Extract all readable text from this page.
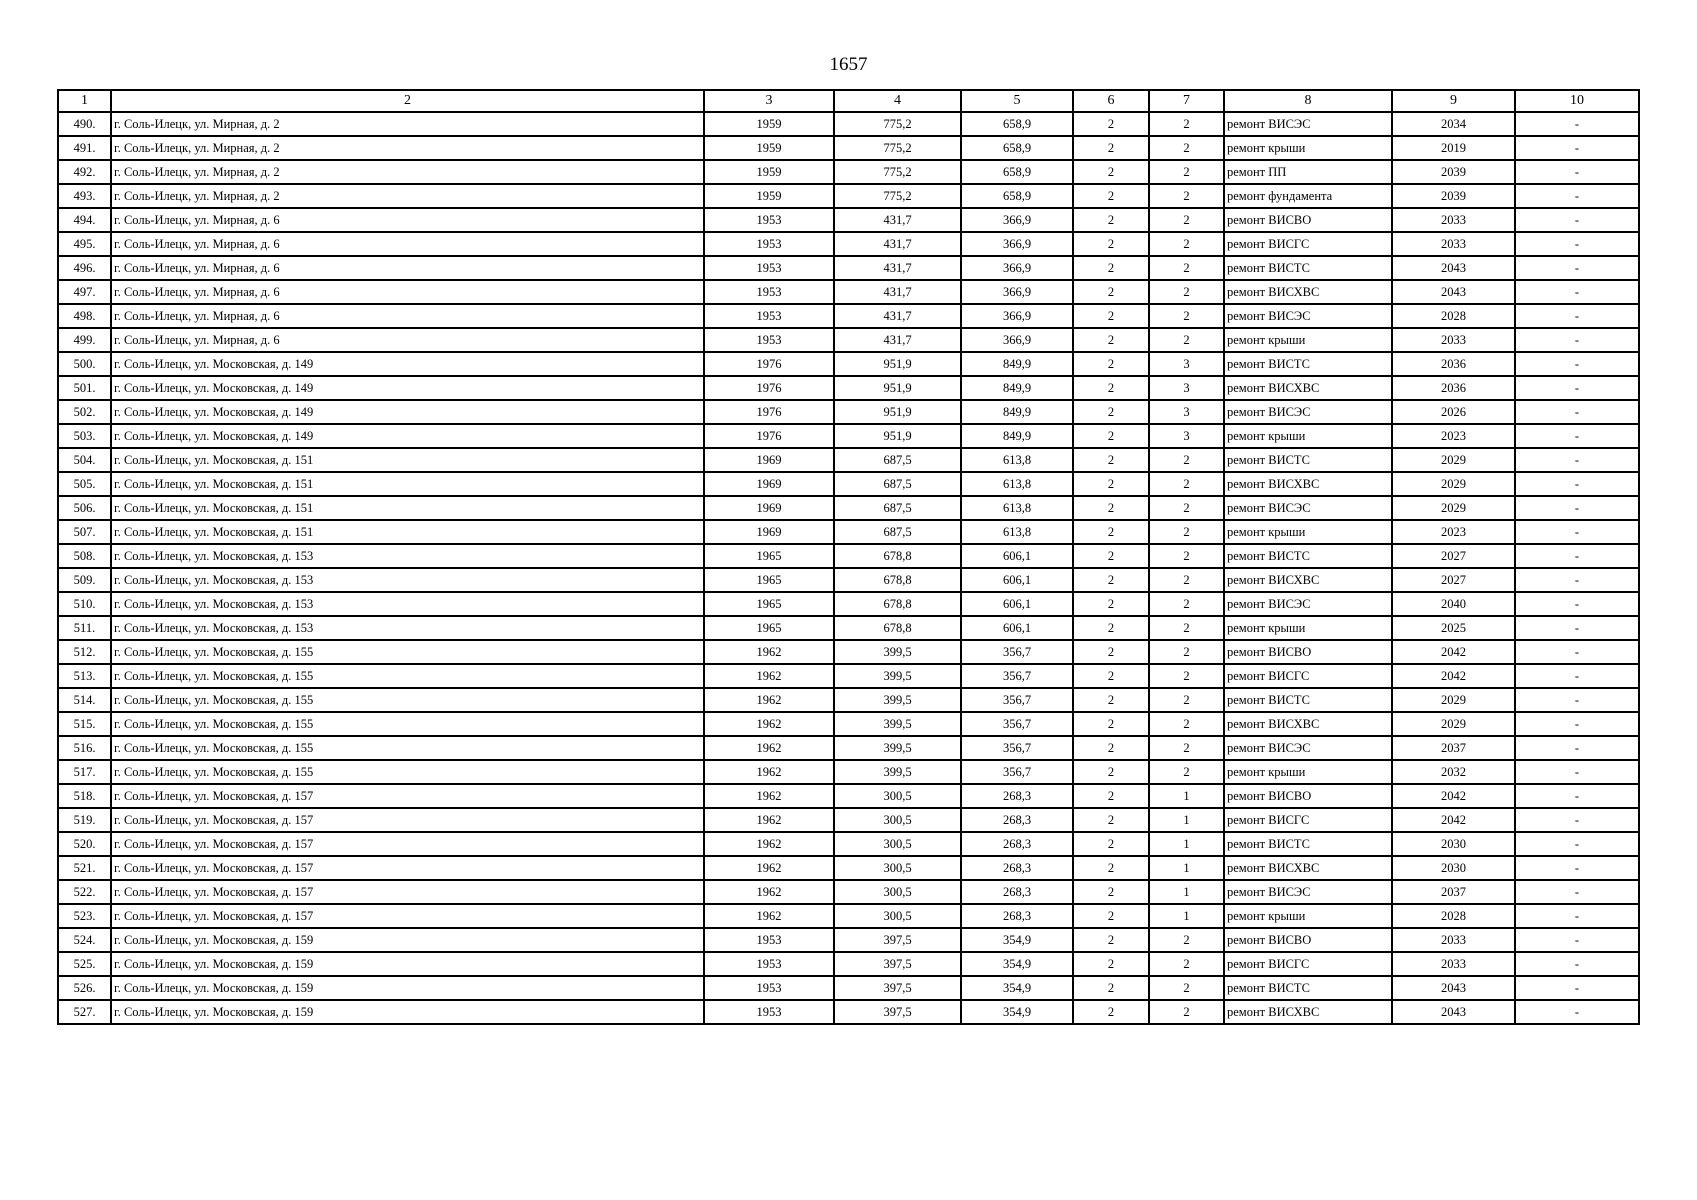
1657
1	2	3	4	5	6	7	8	9	10
490.	г. Соль-Илецк, ул. Мирная, д. 2	1959	775,2	658,9	2	2	ремонт ВИСЭС	2034	-
491.	г. Соль-Илецк, ул. Мирная, д. 2	1959	775,2	658,9	2	2	ремонт крыши	2019	-
492.	г. Соль-Илецк, ул. Мирная, д. 2	1959	775,2	658,9	2	2	ремонт ПП	2039	-
493.	г. Соль-Илецк, ул. Мирная, д. 2	1959	775,2	658,9	2	2	ремонт фундамента	2039	-
494.	г. Соль-Илецк, ул. Мирная, д. 6	1953	431,7	366,9	2	2	ремонт ВИСВО	2033	-
495.	г. Соль-Илецк, ул. Мирная, д. 6	1953	431,7	366,9	2	2	ремонт ВИСГС	2033	-
496.	г. Соль-Илецк, ул. Мирная, д. 6	1953	431,7	366,9	2	2	ремонт ВИСТС	2043	-
497.	г. Соль-Илецк, ул. Мирная, д. 6	1953	431,7	366,9	2	2	ремонт ВИСХВС	2043	-
498.	г. Соль-Илецк, ул. Мирная, д. 6	1953	431,7	366,9	2	2	ремонт ВИСЭС	2028	-
499.	г. Соль-Илецк, ул. Мирная, д. 6	1953	431,7	366,9	2	2	ремонт крыши	2033	-
500.	г. Соль-Илецк, ул. Московская, д. 149	1976	951,9	849,9	2	3	ремонт ВИСТС	2036	-
501.	г. Соль-Илецк, ул. Московская, д. 149	1976	951,9	849,9	2	3	ремонт ВИСХВС	2036	-
502.	г. Соль-Илецк, ул. Московская, д. 149	1976	951,9	849,9	2	3	ремонт ВИСЭС	2026	-
503.	г. Соль-Илецк, ул. Московская, д. 149	1976	951,9	849,9	2	3	ремонт крыши	2023	-
504.	г. Соль-Илецк, ул. Московская, д. 151	1969	687,5	613,8	2	2	ремонт ВИСТС	2029	-
505.	г. Соль-Илецк, ул. Московская, д. 151	1969	687,5	613,8	2	2	ремонт ВИСХВС	2029	-
506.	г. Соль-Илецк, ул. Московская, д. 151	1969	687,5	613,8	2	2	ремонт ВИСЭС	2029	-
507.	г. Соль-Илецк, ул. Московская, д. 151	1969	687,5	613,8	2	2	ремонт крыши	2023	-
508.	г. Соль-Илецк, ул. Московская, д. 153	1965	678,8	606,1	2	2	ремонт ВИСТС	2027	-
509.	г. Соль-Илецк, ул. Московская, д. 153	1965	678,8	606,1	2	2	ремонт ВИСХВС	2027	-
510.	г. Соль-Илецк, ул. Московская, д. 153	1965	678,8	606,1	2	2	ремонт ВИСЭС	2040	-
511.	г. Соль-Илецк, ул. Московская, д. 153	1965	678,8	606,1	2	2	ремонт крыши	2025	-
512.	г. Соль-Илецк, ул. Московская, д. 155	1962	399,5	356,7	2	2	ремонт ВИСВО	2042	-
513.	г. Соль-Илецк, ул. Московская, д. 155	1962	399,5	356,7	2	2	ремонт ВИСГС	2042	-
514.	г. Соль-Илецк, ул. Московская, д. 155	1962	399,5	356,7	2	2	ремонт ВИСТС	2029	-
515.	г. Соль-Илецк, ул. Московская, д. 155	1962	399,5	356,7	2	2	ремонт ВИСХВС	2029	-
516.	г. Соль-Илецк, ул. Московская, д. 155	1962	399,5	356,7	2	2	ремонт ВИСЭС	2037	-
517.	г. Соль-Илецк, ул. Московская, д. 155	1962	399,5	356,7	2	2	ремонт крыши	2032	-
518.	г. Соль-Илецк, ул. Московская, д. 157	1962	300,5	268,3	2	1	ремонт ВИСВО	2042	-
519.	г. Соль-Илецк, ул. Московская, д. 157	1962	300,5	268,3	2	1	ремонт ВИСГС	2042	-
520.	г. Соль-Илецк, ул. Московская, д. 157	1962	300,5	268,3	2	1	ремонт ВИСТС	2030	-
521.	г. Соль-Илецк, ул. Московская, д. 157	1962	300,5	268,3	2	1	ремонт ВИСХВС	2030	-
522.	г. Соль-Илецк, ул. Московская, д. 157	1962	300,5	268,3	2	1	ремонт ВИСЭС	2037	-
523.	г. Соль-Илецк, ул. Московская, д. 157	1962	300,5	268,3	2	1	ремонт крыши	2028	-
524.	г. Соль-Илецк, ул. Московская, д. 159	1953	397,5	354,9	2	2	ремонт ВИСВО	2033	-
525.	г. Соль-Илецк, ул. Московская, д. 159	1953	397,5	354,9	2	2	ремонт ВИСГС	2033	-
526.	г. Соль-Илецк, ул. Московская, д. 159	1953	397,5	354,9	2	2	ремонт ВИСТС	2043	-
527.	г. Соль-Илецк, ул. Московская, д. 159	1953	397,5	354,9	2	2	ремонт ВИСХВС	2043	-
